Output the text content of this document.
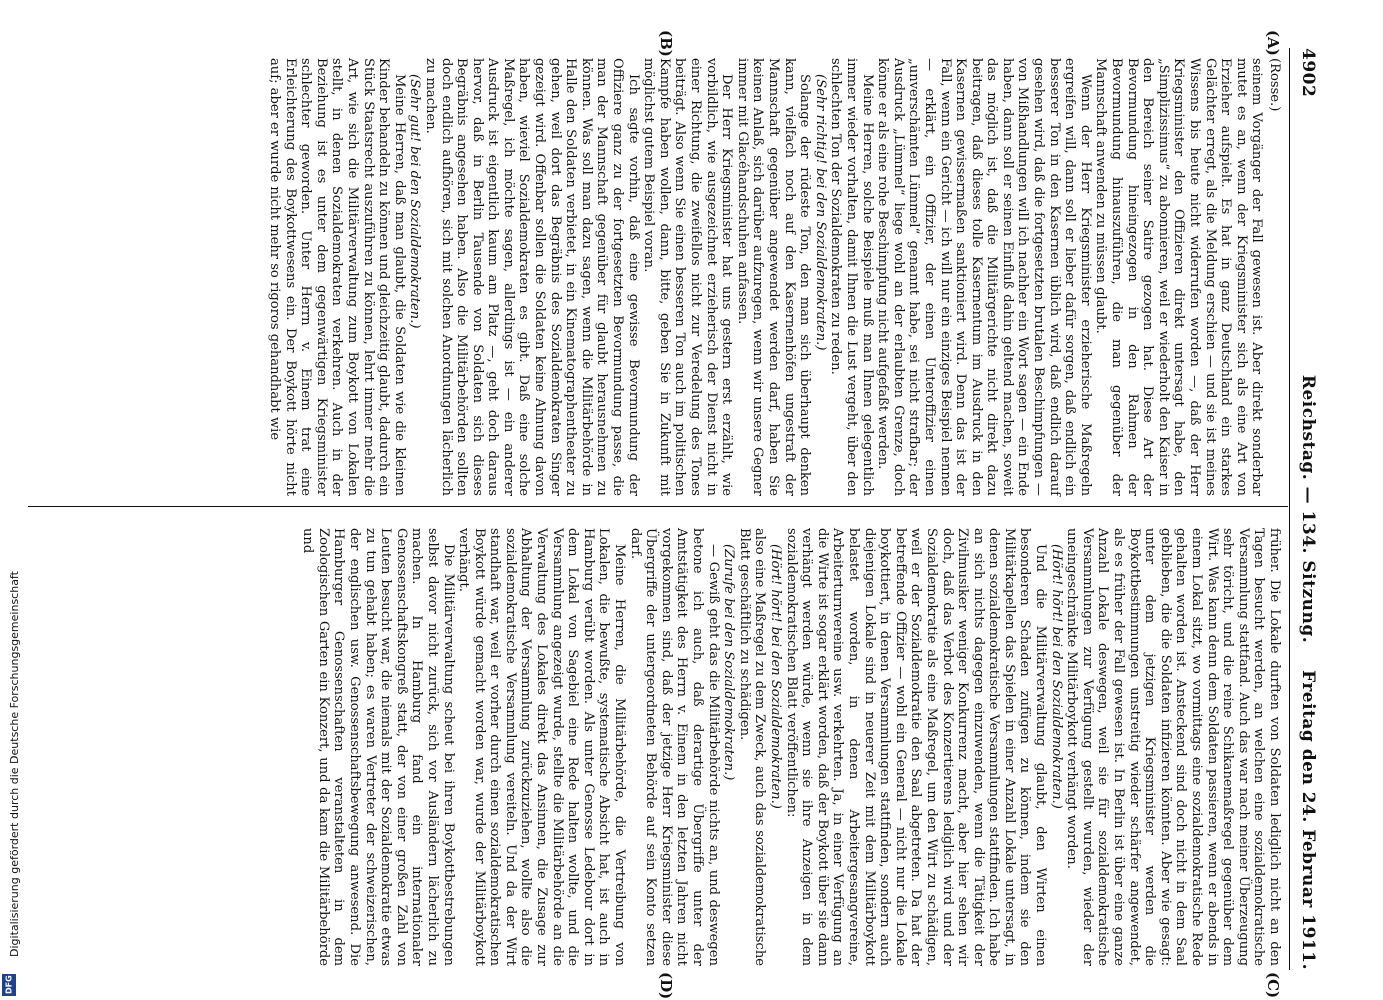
Digitalisierung gefördert durch die Deutsche Forschungsgemeinschaft
DFG
4902
Reichstag. — 134. Sitzung.
Freitag den 24. Februar 1911.
(A)
(B)
(C)
(D)
(Rosse.)

seinem Vorgänger der Fall gewesen ist. Aber direkt sonderbar mutet es an, wenn der Kriegsminister sich als eine Art von Erzieher aufspielt. Es hat in ganz Deutschland ein starkes Gelächter erregt, als die Meldung erschien — und sie ist meines Wissens bis heute nicht widerrufen worden —, daß der Herr Kriegsminister den Offizieren direkt untersagt habe, den „Simplizissimus“ zu abonnieren, weil er wiederholt den Kaiser in den Bereich seiner Satire gezogen hat. Diese Art der Bevormundung hineingezogen in den Rahmen der Bevormundung hinauszuführen, die man gegenüber der Mannschaft anwenden zu müssen glaubt.

Wenn der Herr Kriegsminister erzieherische Maßregeln ergreifen will, dann soll er lieber dafür sorgen, daß endlich ein besserer Ton in den Kasernen üblich wird, daß endlich darauf gesehen wird, daß die fortgesetzten brutalen Beschimpfungen — von Mißhandlungen will ich nachher ein Wort sagen — ein Ende haben, dann soll er seinen Einfluß dahin geltend machen, soweit das möglich ist, daß die Militärgerichte nicht direkt dazu beitragen, daß dieses tolle Kasernentum im Ausdruck in den Kasernen gewissermaßen sanktioniert wird. Denn das ist der Fall, wenn ein Gericht — ich will nur ein einziges Beispiel nennen — erklärt, ein Offizier, der einen Unteroffizier einen „unverschämten Lümmel“ genannt habe, sei nicht strafbar; der Ausdruck „Lümmel“ liege wohl an der erlaubten Grenze, doch könne er als eine rohe Beschimpfung nicht aufgefaßt werden.

Meine Herren, solche Beispiele muß man Ihnen gelegentlich immer wieder vorhalten, damit Ihnen die Lust vergeht, über den schlechten Ton der Sozialdemokraten zu reden.

(Sehr richtig! bei den Sozialdemokraten.)

Solange der rüdeste Ton, den man sich überhaupt denken kann, vielfach noch auf den Kasernenhöfen ungestraft der Mannschaft gegenüber angewendet werden darf, haben Sie keinen Anlaß, sich darüber aufzuregen, wenn wir unsere Gegner immer mit Glacéhandschuhen anfassen.

Der Herr Kriegsminister hat uns gestern erst erzählt, wie vorbildlich, wie ausgezeichnet erzieherisch der Dienst nicht in einer Richtung, die zweifellos nicht zur Veredelung des Tones beiträgt. Also wenn Sie einen besseren Ton auch im politischen Kampfe haben wollen, dann, bitte, geben Sie in Zukunft mit möglichst gutem Beispiel voran.

Ich sagte vorhin, daß eine gewisse Bevormundung der Offiziere ganz zu der fortgesetzten Bevormundung passe, die man der Mannschaft gegenüber für glaubt herausnehmen zu können. Was soll man dazu sagen, wenn die Militärbehörde in Halle den Soldaten verbietet, in ein Kinematographentheater zu gehen, weil dort das Begräbnis des Sozialdemokraten Singer gezeigt wird. Offenbar sollen die Soldaten keine Ahnung davon haben, wieviel Sozialdemokraten es gibt. Daß eine solche Maßregel, ich möchte sagen, allerdings ist — ein anderer Ausdruck ist eigentlich kaum am Platz —, geht doch daraus hervor, daß in Berlin Tausende von Soldaten sich dieses Begräbnis angesehen haben. Also die Militärbehörden sollten doch endlich aufhören, sich mit solchen Anordnungen lächerlich zu machen.

(Sehr gut! bei den Sozialdemokraten.)

Meine Herren, daß man glaubt, die Soldaten wie die kleinen Kinder behandeln zu können und gleichzeitig glaubt, dadurch ein Stück Staatsrecht auszuführen zu können, lehrt immer mehr die Art, wie sich die Militärverwaltung zum Boykott von Lokalen stellt, in denen Sozialdemokraten verkehren. Auch in der Beziehung ist es unter dem gegenwärtigen Kriegsminister schlechter geworden. Unter Herrn v. Einem trat eine Erleichterung des Boykottwesens ein. Der Boykott hörte nicht auf; aber er wurde nicht mehr so rigoros gehandhabt wie

früher. Die Lokale durften von Soldaten lediglich nicht an den Tagen besucht werden, an welchen eine sozialdemokratische Versammlung stattfand. Auch das war nach meiner Überzeugung sehr töricht, und die reine Schikanemaßregel gegenüber dem Wirt. Was kann denn dem Soldaten passieren, wenn er abends in einem Lokal sitzt, wo vormittags eine sozialdemokratische Rede gehalten worden ist. Ansteckend sind doch nicht in dem Saal geblieben, die die Soldaten infizieren könnten. Aber wie gesagt: unter dem jetzigen Kriegsminister werden die Boykottbestimmungen unstreitig wieder schärfer angewendet, als es früher der Fall gewesen ist. In Berlin ist über eine ganze Anzahl Lokale deswegen, weil sie für sozialdemokratische Versammlungen zur Verfügung gestellt wurden, wieder der uneingeschränkte Militärboykott verhängt worden.

(Hört! hört! bei den Sozialdemokraten.)

Und die Militärverwaltung glaubt, den Wirten einen besonderen Schaden zufügen zu können, indem sie den Militärkapellen das Spielen in einer Anzahl Lokale untersagt, in denen sozialdemokratische Versammlungen stattfinden. Ich habe an sich nichts dagegen einzuwenden, wenn die Tätigkeit der Zivilmusiker weniger Konkurrenz macht, aber hier sehen wir doch, daß das Verbot des Konzertierens lediglich wird und der Sozialdemokratie als eine Maßregel, um den Wirt zu schädigen, weil er der Sozialdemokratie den Saal abgetreten. Da hat der betreffende Offizier — wohl ein General — nicht nur die Lokale boykottiert, in denen Versammlungen stattfinden, sondern auch diejenigen Lokale sind in neuerer Zeit mit dem Militärboykott belastet worden, in denen Arbeitergesangvereine, Arbeiterturnvereine usw. verkehrten. Ja, in einer Verfügung an die Wirte ist sogar erklärt worden, daß der Boykott über sie dann verhängt werden würde, wenn sie ihre Anzeigen in dem sozialdemokratischen Blatt veröffentlichen:

(Hört! hört! bei den Sozialdemokraten.)

also eine Maßregel zu dem Zweck, auch das sozialdemokratische Blatt geschäftlich zu schädigen.

(Zurufe bei den Sozialdemokraten.)

— Gewiß geht das die Militärbehörde nichts an, und deswegen betone ich auch, daß derartige Übergriffe unter der Amtstätigkeit des Herrn v. Einem in den letzten Jahren nicht vorgekommen sind, daß der jetzige Herr Kriegsminister diese Übergriffe der untergeordneten Behörde auf sein Konto setzen darf.

Meine Herren, die Militärbehörde, die Vertreibung von Lokalen, die bewußte, systematische Absicht hat, ist auch in Hamburg verübt worden. Als unter Genosse Ledebour dort in dem Lokal von Sagebiel eine Rede halten wollte, und die Versammlung angezeigt wurde, stellte die Militärbehörde an die Verwaltung des Lokales direkt das Ansinnen, die Zusage zur Abhaltung der Versammlung zurückzuziehen, wollte also die sozialdemokratische Versammlung vereiteln. Und da der Wirt standhaft war, weil er vorher durch einen sozialdemokratischen Boykott würde gemacht worden war, wurde der Militärboykott verhängt.

Die Militärverwaltung scheut bei ihren Boykottbestrebungen selbst davor nicht zurück, sich vor Ausländern lächerlich zu machen. In Hamburg fand ein internationaler Genossenschaftskongreß statt, der von einer großen Zahl von Leuten besucht war, die niemals mit der Sozialdemokratie etwas zu tun gehabt haben; es waren Vertreter der schweizerischen, der englischen usw. Genossenschaftsbewegung anwesend. Die Hamburger Genossenschaften veranstalteten in dem Zoologischen Garten ein Konzert, und da kam die Militärbehörde und
